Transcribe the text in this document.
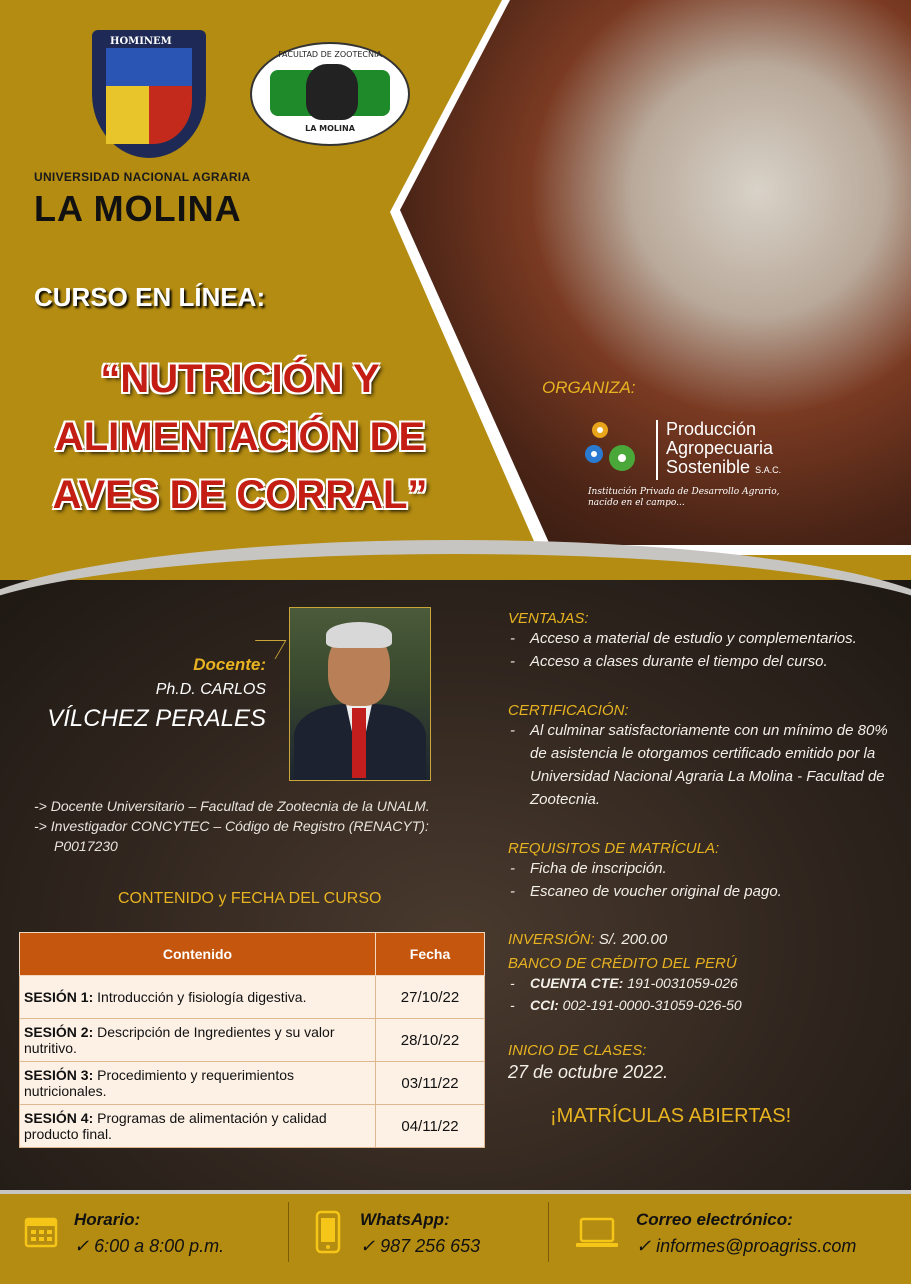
HOMINEM
FACULTAD DE ZOOTECNIA
LA MOLINA
UNIVERSIDAD NACIONAL AGRARIA
LA MOLINA
CURSO EN LÍNEA:
“NUTRICIÓN Y
ALIMENTACIÓN DE
AVES DE CORRAL”
ORGANIZA:
Producción
Agropecuaria
Sostenible S.A.C.
Institución Privada de Desarrollo Agrario,
nacido en el campo...
Docente:
Ph.D. CARLOS
VÍLCHEZ PERALES
-> Docente Universitario – Facultad de Zootecnia de la UNALM.
-> Investigador CONCYTEC – Código de Registro (RENACYT): P0017230
CONTENIDO y FECHA DEL CURSO
Contenido	Fecha
SESIÓN 1: Introducción y fisiología digestiva.	27/10/22
SESIÓN 2: Descripción de Ingredientes y su valor nutritivo.	28/10/22
SESIÓN 3: Procedimiento y requerimientos nutricionales.	03/11/22
SESIÓN 4: Programas de alimentación y calidad producto final.	04/11/22
VENTAJAS:
- Acceso a material de estudio y complementarios.
- Acceso a clases durante el tiempo del curso.
CERTIFICACIÓN:
- Al culminar satisfactoriamente con un mínimo de 80% de asistencia le otorgamos certificado emitido por la Universidad Nacional Agraria La Molina - Facultad de Zootecnia.
REQUISITOS DE MATRÍCULA:
- Ficha de inscripción.
- Escaneo de voucher original de pago.
INVERSIÓN: S/. 200.00
BANCO DE CRÉDITO DEL PERÚ
- CUENTA CTE: 191-0031059-026
- CCI: 002-191-0000-31059-026-50
INICIO DE CLASES:
27 de octubre 2022.
¡MATRÍCULAS ABIERTAS!
Horario:
✓ 6:00 a 8:00 p.m.
WhatsApp:
✓ 987 256 653
Correo electrónico:
✓ informes@proagriss.com
